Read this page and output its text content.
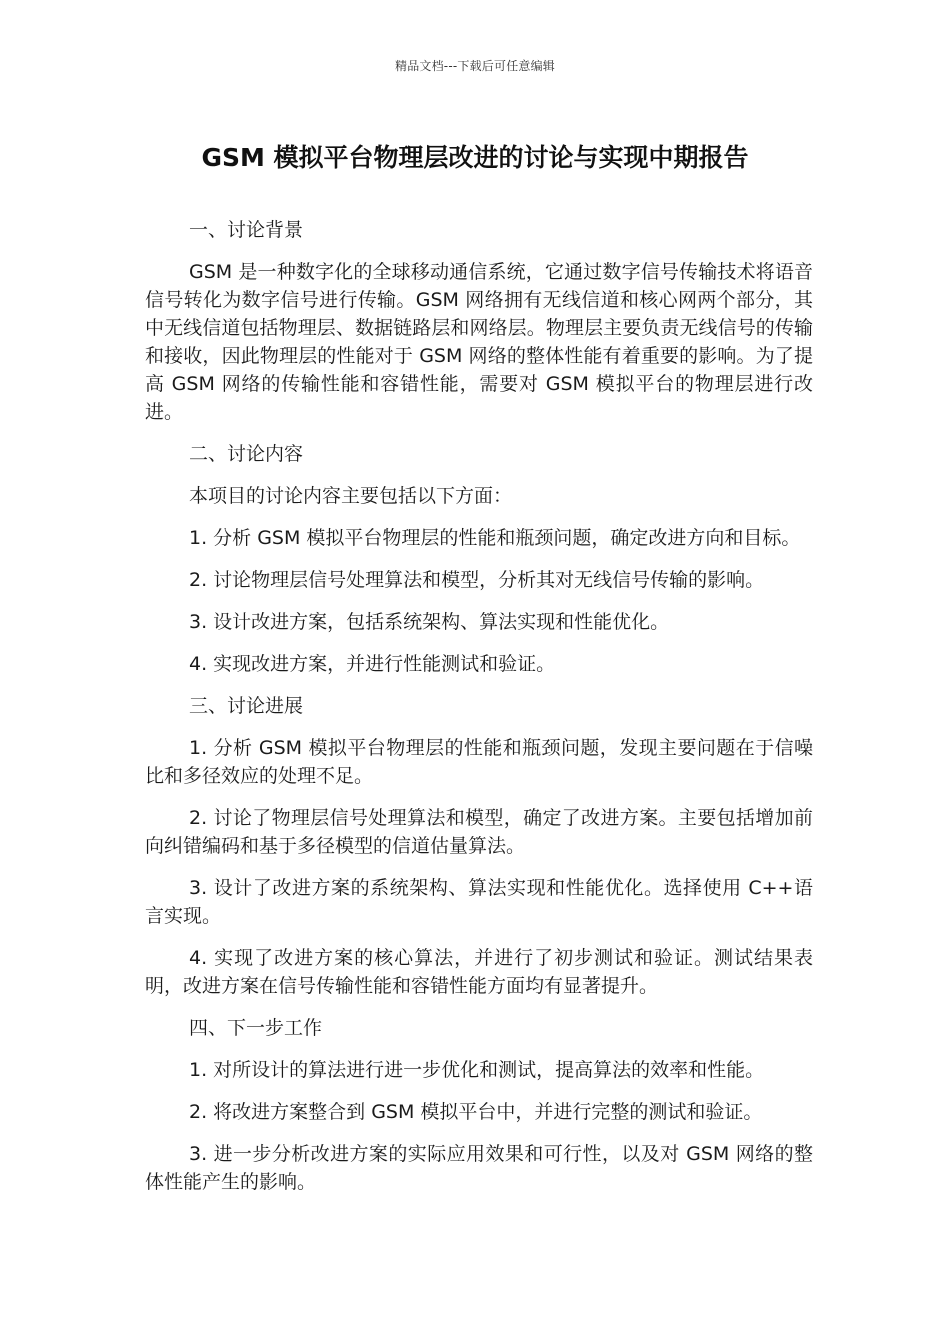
精品文档---下载后可任意编辑
GSM 模拟平台物理层改进的讨论与实现中期报告

一、讨论背景

GSM 是一种数字化的全球移动通信系统，它通过数字信号传输技术将语音信号转化为数字信号进行传输。GSM 网络拥有无线信道和核心网两个部分，其中无线信道包括物理层、数据链路层和网络层。物理层主要负责无线信号的传输和接收，因此物理层的性能对于 GSM 网络的整体性能有着重要的影响。为了提高 GSM 网络的传输性能和容错性能，需要对 GSM 模拟平台的物理层进行改进。

二、讨论内容

本项目的讨论内容主要包括以下方面：

1. 分析 GSM 模拟平台物理层的性能和瓶颈问题，确定改进方向和目标。

2. 讨论物理层信号处理算法和模型，分析其对无线信号传输的影响。

3. 设计改进方案，包括系统架构、算法实现和性能优化。

4. 实现改进方案，并进行性能测试和验证。

三、讨论进展

1. 分析 GSM 模拟平台物理层的性能和瓶颈问题，发现主要问题在于信噪比和多径效应的处理不足。

2. 讨论了物理层信号处理算法和模型，确定了改进方案。主要包括增加前向纠错编码和基于多径模型的信道估量算法。

3. 设计了改进方案的系统架构、算法实现和性能优化。选择使用 C++语言实现。

4. 实现了改进方案的核心算法，并进行了初步测试和验证。测试结果表明，改进方案在信号传输性能和容错性能方面均有显著提升。

四、下一步工作

1. 对所设计的算法进行进一步优化和测试，提高算法的效率和性能。

2. 将改进方案整合到 GSM 模拟平台中，并进行完整的测试和验证。

3. 进一步分析改进方案的实际应用效果和可行性，以及对 GSM 网络的整体性能产生的影响。
